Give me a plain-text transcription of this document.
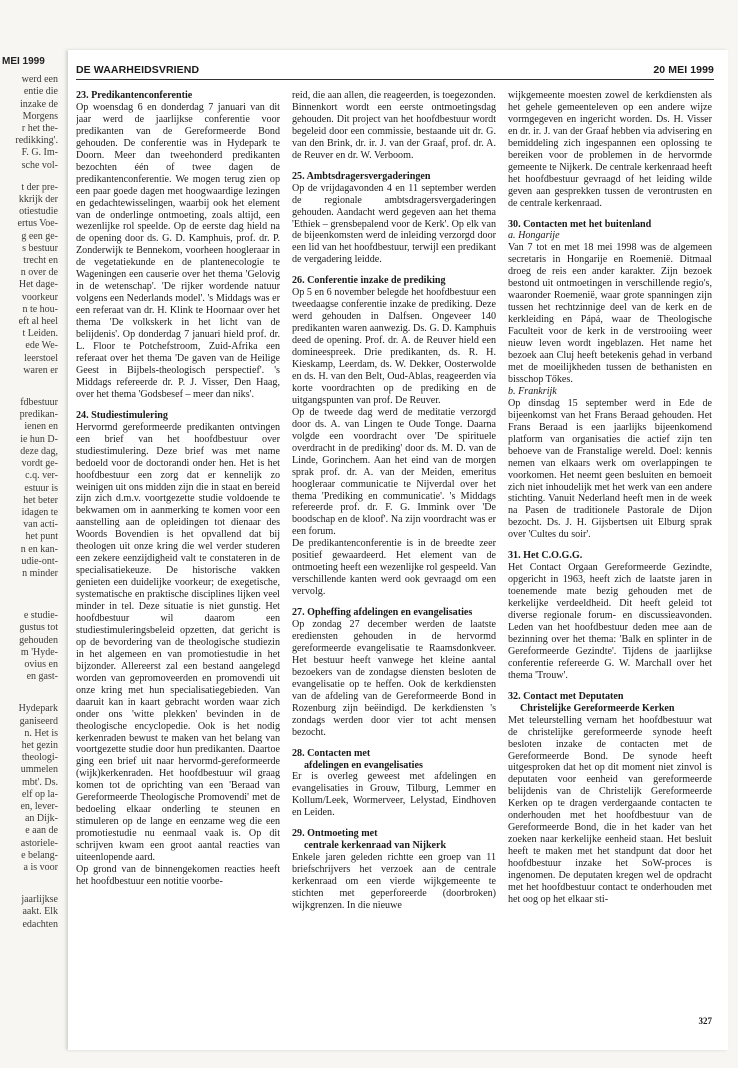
MEI 1999
werd een
entie die
inzake de
Morgens
r het the-
redikking'.
F. G. Im-
sche vol-
t der pre-
kkrijk der
otiestudie
ertus Voe-
g een ge-
s bestuur
trecht en
n over de
Het dage-
voorkeur
n te hou-
eft al heel
t Leiden.
ede We-
leerstoel
waren er
fdbestuur
predikan-
ienen en
ie hun D-
deze dag,
vordt ge-
c.q. ver-
estuur is
het beter
idagen te
van acti-
het punt
n en kan-
udie-ont-
n minder
e studie-
gustus tot
gehouden
m 'Hyde-
ovius en
en gast-
Hydepark
ganiseerd
n. Het is
het gezin
theologi-
ummelen
mbt'. Ds.
elf op la-
en, lever-
an Dijk-
e aan de
astoriele-
e belang-
a is voor
jaarlijkse
aakt. Elk
edachten
DE WAARHEIDSVRIEND	20 MEI 1999
23. Predikantenconferentie

Op woensdag 6 en donderdag 7 januari van dit jaar werd de jaarlijkse conferentie voor predikanten van de Gereformeerde Bond gehouden. De conferentie was in Hydepark te Doorn. Meer dan tweehonderd predikanten bezochten één of twee dagen de predikantenconferentie. We mogen terug zien op een paar goede dagen met hoogwaardige lezingen en gedachtewisselingen, waarbij ook het element van de onderlinge ontmoeting, zoals altijd, een wezenlijke rol speelde. Op de eerste dag hield na de opening door ds. G. D. Kamphuis, prof. dr. P. Zonderwijk te Bennekom, voorheen hoogleraar in de vegetatiekunde en de plantenecologie te Wageningen een causerie over het thema 'Gelovig in de wetenschap'. 'De rijker wordende natuur volgens een Nederlands model'. 's Middags was er een referaat van dr. H. Klink te Hoornaar over het thema 'De volkskerk in het licht van de belijdenis'. Op donderdag 7 januari hield prof. dr. L. Floor te Potchefstroom, Zuid-Afrika een referaat over het thema 'De gaven van de Heilige Geest in Bijbels-theologisch perspectief'. 's Middags refereerde dr. P. J. Visser, Den Haag, over het thema 'Godsbesef – meer dan niks'.

24. Studiestimulering

Hervormd gereformeerde predikanten ontvingen een brief van het hoofdbestuur over studiestimulering. Deze brief was met name bedoeld voor de doctorandi onder hen. Het is het hoofdbestuur een zorg dat er kennelijk zo weinigen uit ons midden zijn die in staat en bereid zijn zich d.m.v. voortgezette studie voldoende te bekwamen om in aanmerking te komen voor een aanstelling aan de opleidingen tot dienaar des Woords Bovendien is het opvallend dat bij theologen uit onze kring die wel verder studeren een zekere eenzijdigheid valt te constateren in de specialisatiekeuze. De historische vakken genieten een duidelijke voorkeur; de exegetische, systematische en praktische disciplines lijken veel minder in tel. Deze situatie is niet gunstig. Het hoofdbestuur wil daarom een studiestimuleringsbeleid opzetten, dat gericht is op de bevordering van de theologische studiezin in het algemeen en van promotiestudie in het bijzonder. Allereerst zal een bestand aangelegd worden van gepromoveerden en promovendi uit onze kring met hun specialisatiegebieden. Van daaruit kan in kaart gebracht worden waar zich onder ons 'witte plekken' bevinden in de theologische encyclopedie. Ook is het nodig kerkenraden bewust te maken van het belang van voortgezette studie door hun predikanten. Daartoe ging een brief uit naar hervormd-gereformeerde (wijk)kerkenraden. Het hoofdbestuur wil graag komen tot de oprichting van een 'Beraad van Gereformeerde Theologische Promovendi' met de bedoeling elkaar onderling te steunen en stimuleren op de lange en eenzame weg die een promotiestudie nu eenmaal vaak is. Op dit schrijven kwam een groot aantal reacties van uiteenlopende aard.

Op grond van de binnengekomen reacties heeft het hoofdbestuur een notitie voorbe-

reid, die aan allen, die reageerden, is toegezonden.

Binnenkort wordt een eerste ontmoetingsdag gehouden. Dit project van het hoofdbestuur wordt begeleid door een commissie, bestaande uit dr. G. van den Brink, dr. ir. J. van der Graaf, prof. dr. A. de Reuver en dr. W. Verboom.

25. Ambtsdragersvergaderingen

Op de vrijdagavonden 4 en 11 september werden de regionale ambtsdragersvergaderingen gehouden. Aandacht werd gegeven aan het thema 'Ethiek – grensbepalend voor de Kerk'. Op elk van de bijeenkomsten werd de inleiding verzorgd door een lid van het hoofdbestuur, terwijl een predikant de vergadering leidde.

26. Conferentie inzake de prediking

Op 5 en 6 november belegde het hoofdbestuur een tweedaagse conferentie inzake de prediking. Deze werd gehouden in Dalfsen. Ongeveer 140 predikanten waren aanwezig. Ds. G. D. Kamphuis deed de opening. Prof. dr. A. de Reuver hield een domineespreek. Drie predikanten, ds. R. H. Kieskamp, Leerdam, ds. W. Dekker, Oosterwolde en ds. H. van den Belt, Oud-Ablas, reageerden via korte voordrachten op de prediking en de uitgangspunten van prof. De Reuver.

Op de tweede dag werd de meditatie verzorgd door ds. A. van Lingen te Oude Tonge. Daarna volgde een voordracht over 'De spirituele overdracht in de prediking' door ds. M. D. van de Linde, Gorinchem. Aan het eind van de morgen sprak prof. dr. A. van der Meiden, emeritus hoogleraar communicatie te Nijverdal over het thema 'Prediking en communicatie'. 's Middags refereerde prof. dr. F. G. Immink over 'De boodschap en de kloof'. Na zijn voordracht was er een forum.

De predikantenconferentie is in de breedte zeer positief gewaardeerd. Het element van de ontmoeting heeft een wezenlijke rol gespeeld. Van verschillende kanten werd ook gevraagd om een vervolg.

27. Opheffing afdelingen en evangelisaties

Op zondag 27 december werden de laatste erediensten gehouden in de hervormd gereformeerde evangelisatie te Raamsdonkveer. Het bestuur heeft vanwege het kleine aantal bezoekers van de zondagse diensten besloten de evangelisatie op te heffen. Ook de kerkdiensten van de afdeling van de Gereformeerde Bond in Rozenburg zijn beëindigd. De kerkdiensten 's zondags werden door vier tot acht mensen bezocht.

28. Contacten met
afdelingen en evangelisaties

Er is overleg geweest met afdelingen en evangelisaties in Grouw, Tilburg, Lemmer en Kollum/Leek, Wormerveer, Lelystad, Eindhoven en Leiden.

29. Ontmoeting met
centrale kerkenraad van Nijkerk

Enkele jaren geleden richtte een groep van 11 briefschrijvers het verzoek aan de centrale kerkenraad om een vierde wijkgemeente te stichten met geperforeerde (doorbroken) wijkgrenzen. In die nieuwe

wijkgemeente moesten zowel de kerkdiensten als het gehele gemeenteleven op een andere wijze vormgegeven en ingericht worden. Ds. H. Visser en dr. ir. J. van der Graaf hebben via advisering en bemiddeling zich ingespannen een oplossing te bereiken voor de problemen in de hervormde gemeente te Nijkerk. De centrale kerkenraad heeft het hoofdbestuur gevraagd of het leiding wilde geven aan gesprekken tussen de verontrusten en de centrale kerkenraad.

30. Contacten met het buitenland

a. Hongarije

Van 7 tot en met 18 mei 1998 was de algemeen secretaris in Hongarije en Roemenië. Ditmaal droeg de reis een ander karakter. Zijn bezoek bestond uit ontmoetingen in verschillende regio's, waaronder Roemenië, waar grote spanningen zijn tussen het rechtzinnige deel van de kerk en de kerkleiding en Pápá, waar de Theologische Faculteit voor de kerk in de verstrooiing weer nieuw leven wordt ingeblazen. Het name het bezoek aan Cluj heeft betekenis gehad in verband met de moeilijkheden tussen de bethanisten en bisschop Tőkes.

b. Frankrijk

Op dinsdag 15 september werd in Ede de bijeenkomst van het Frans Beraad gehouden. Het Frans Beraad is een jaarlijks bijeenkomend platform van organisaties die actief zijn ten behoeve van de Franstalige wereld. Doel: kennis nemen van elkaars werk om overlappingen te voorkomen. Het neemt geen besluiten en bemoeit zich niet inhoudelijk met het werk van een andere stichting. Vanuit Nederland heeft men in de week na Pasen de traditionele Pastorale de Dijon bezocht. Ds. J. H. Gijsbertsen uit Elburg sprak over 'Cultes du soir'.

31. Het C.O.G.G.

Het Contact Orgaan Gereformeerde Gezindte, opgericht in 1963, heeft zich de laatste jaren in toenemende mate bezig gehouden met de kerkelijke verdeeldheid. Dit heeft geleid tot diverse regionale forum- en discussieavonden. Leden van het hoofdbestuur deden mee aan de bezinning over het thema: 'Balk en splinter in de Gereformeerde Gezindte'. Tijdens de jaarlijkse conferentie refereerde G. W. Marchall over het thema 'Trouw'.

32. Contact met Deputaten
Christelijke Gereformeerde Kerken

Met teleurstelling vernam het hoofdbestuur wat de christelijke gereformeerde synode heeft besloten inzake de contacten met de Gereformeerde Bond. De synode heeft uitgesproken dat het op dit moment niet zinvol is deputaten voor eenheid van gereformeerde belijdenis van de Christelijk Gereformeerde Kerken op te dragen verdergaande contacten te onderhouden met het hoofdbestuur van de Gereformeerde Bond, die in het kader van het zoeken naar kerkelijke eenheid staan. Het besluit heeft te maken met het standpunt dat door het hoofdbestuur inzake het SoW-proces is ingenomen. De deputaten kregen wel de opdracht met het hoofdbestuur contact te onderhouden met het oog op het elkaar sti-

327
